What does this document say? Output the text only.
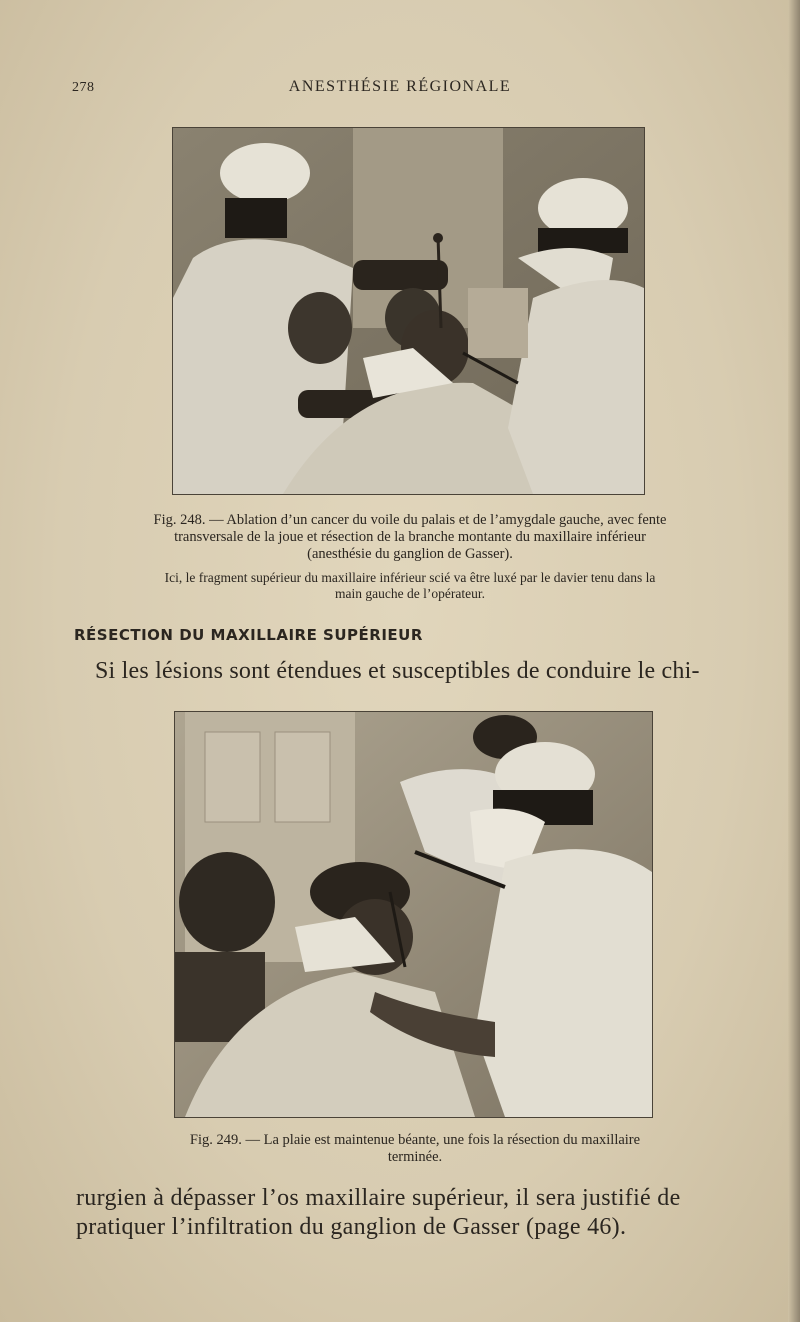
278	ANESTHÉSIE RÉGIONALE
Fig. 248. — Ablation d’un cancer du voile du palais et de l’amygdale gauche, avec fente transversale de la joue et résection de la branche montante du maxillaire inférieur (anesthésie du ganglion de Gasser).
Ici, le fragment supérieur du maxillaire inférieur scié va être luxé par le davier tenu dans la main gauche de l’opérateur.
RÉSECTION DU MAXILLAIRE SUPÉRIEUR
Si les lésions sont étendues et susceptibles de conduire le chi-
Fig. 249. — La plaie est maintenue béante, une fois la résection du maxillaire terminée.
rurgien à dépasser l’os maxillaire supérieur, il sera justifié de
pratiquer l’infiltration du ganglion de Gasser (page 46).
